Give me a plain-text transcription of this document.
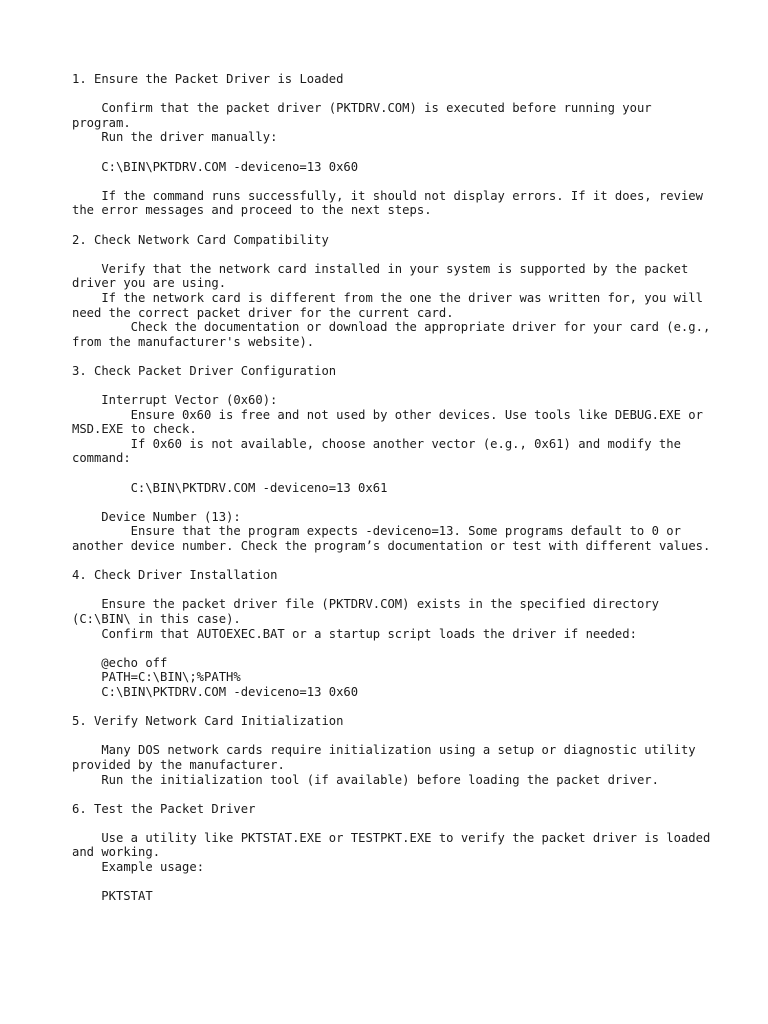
1. Ensure the Packet Driver is Loaded
Confirm that the packet driver (PKTDRV.COM) is executed before running your program.
Run the driver manually:
C:\BIN\PKTDRV.COM -deviceno=13 0x60
If the command runs successfully, it should not display errors. If it does, review the error messages and proceed to the next steps.
2. Check Network Card Compatibility
Verify that the network card installed in your system is supported by the packet driver you are using.
If the network card is different from the one the driver was written for, you will need the correct packet driver for the current card.
Check the documentation or download the appropriate driver for your card (e.g., from the manufacturer's website).
3. Check Packet Driver Configuration
Interrupt Vector (0x60):
Ensure 0x60 is free and not used by other devices. Use tools like DEBUG.EXE or MSD.EXE to check.
If 0x60 is not available, choose another vector (e.g., 0x61) and modify the command:
C:\BIN\PKTDRV.COM -deviceno=13 0x61
Device Number (13):
Ensure that the program expects -deviceno=13. Some programs default to 0 or another device number. Check the program’s documentation or test with different values.
4. Check Driver Installation
Ensure the packet driver file (PKTDRV.COM) exists in the specified directory (C:\BIN\ in this case).
Confirm that AUTOEXEC.BAT or a startup script loads the driver if needed:
@echo off
PATH=C:\BIN\;%PATH%
C:\BIN\PKTDRV.COM -deviceno=13 0x60
5. Verify Network Card Initialization
Many DOS network cards require initialization using a setup or diagnostic utility provided by the manufacturer.
Run the initialization tool (if available) before loading the packet driver.
6. Test the Packet Driver
Use a utility like PKTSTAT.EXE or TESTPKT.EXE to verify the packet driver is loaded and working.
Example usage:
PKTSTAT
